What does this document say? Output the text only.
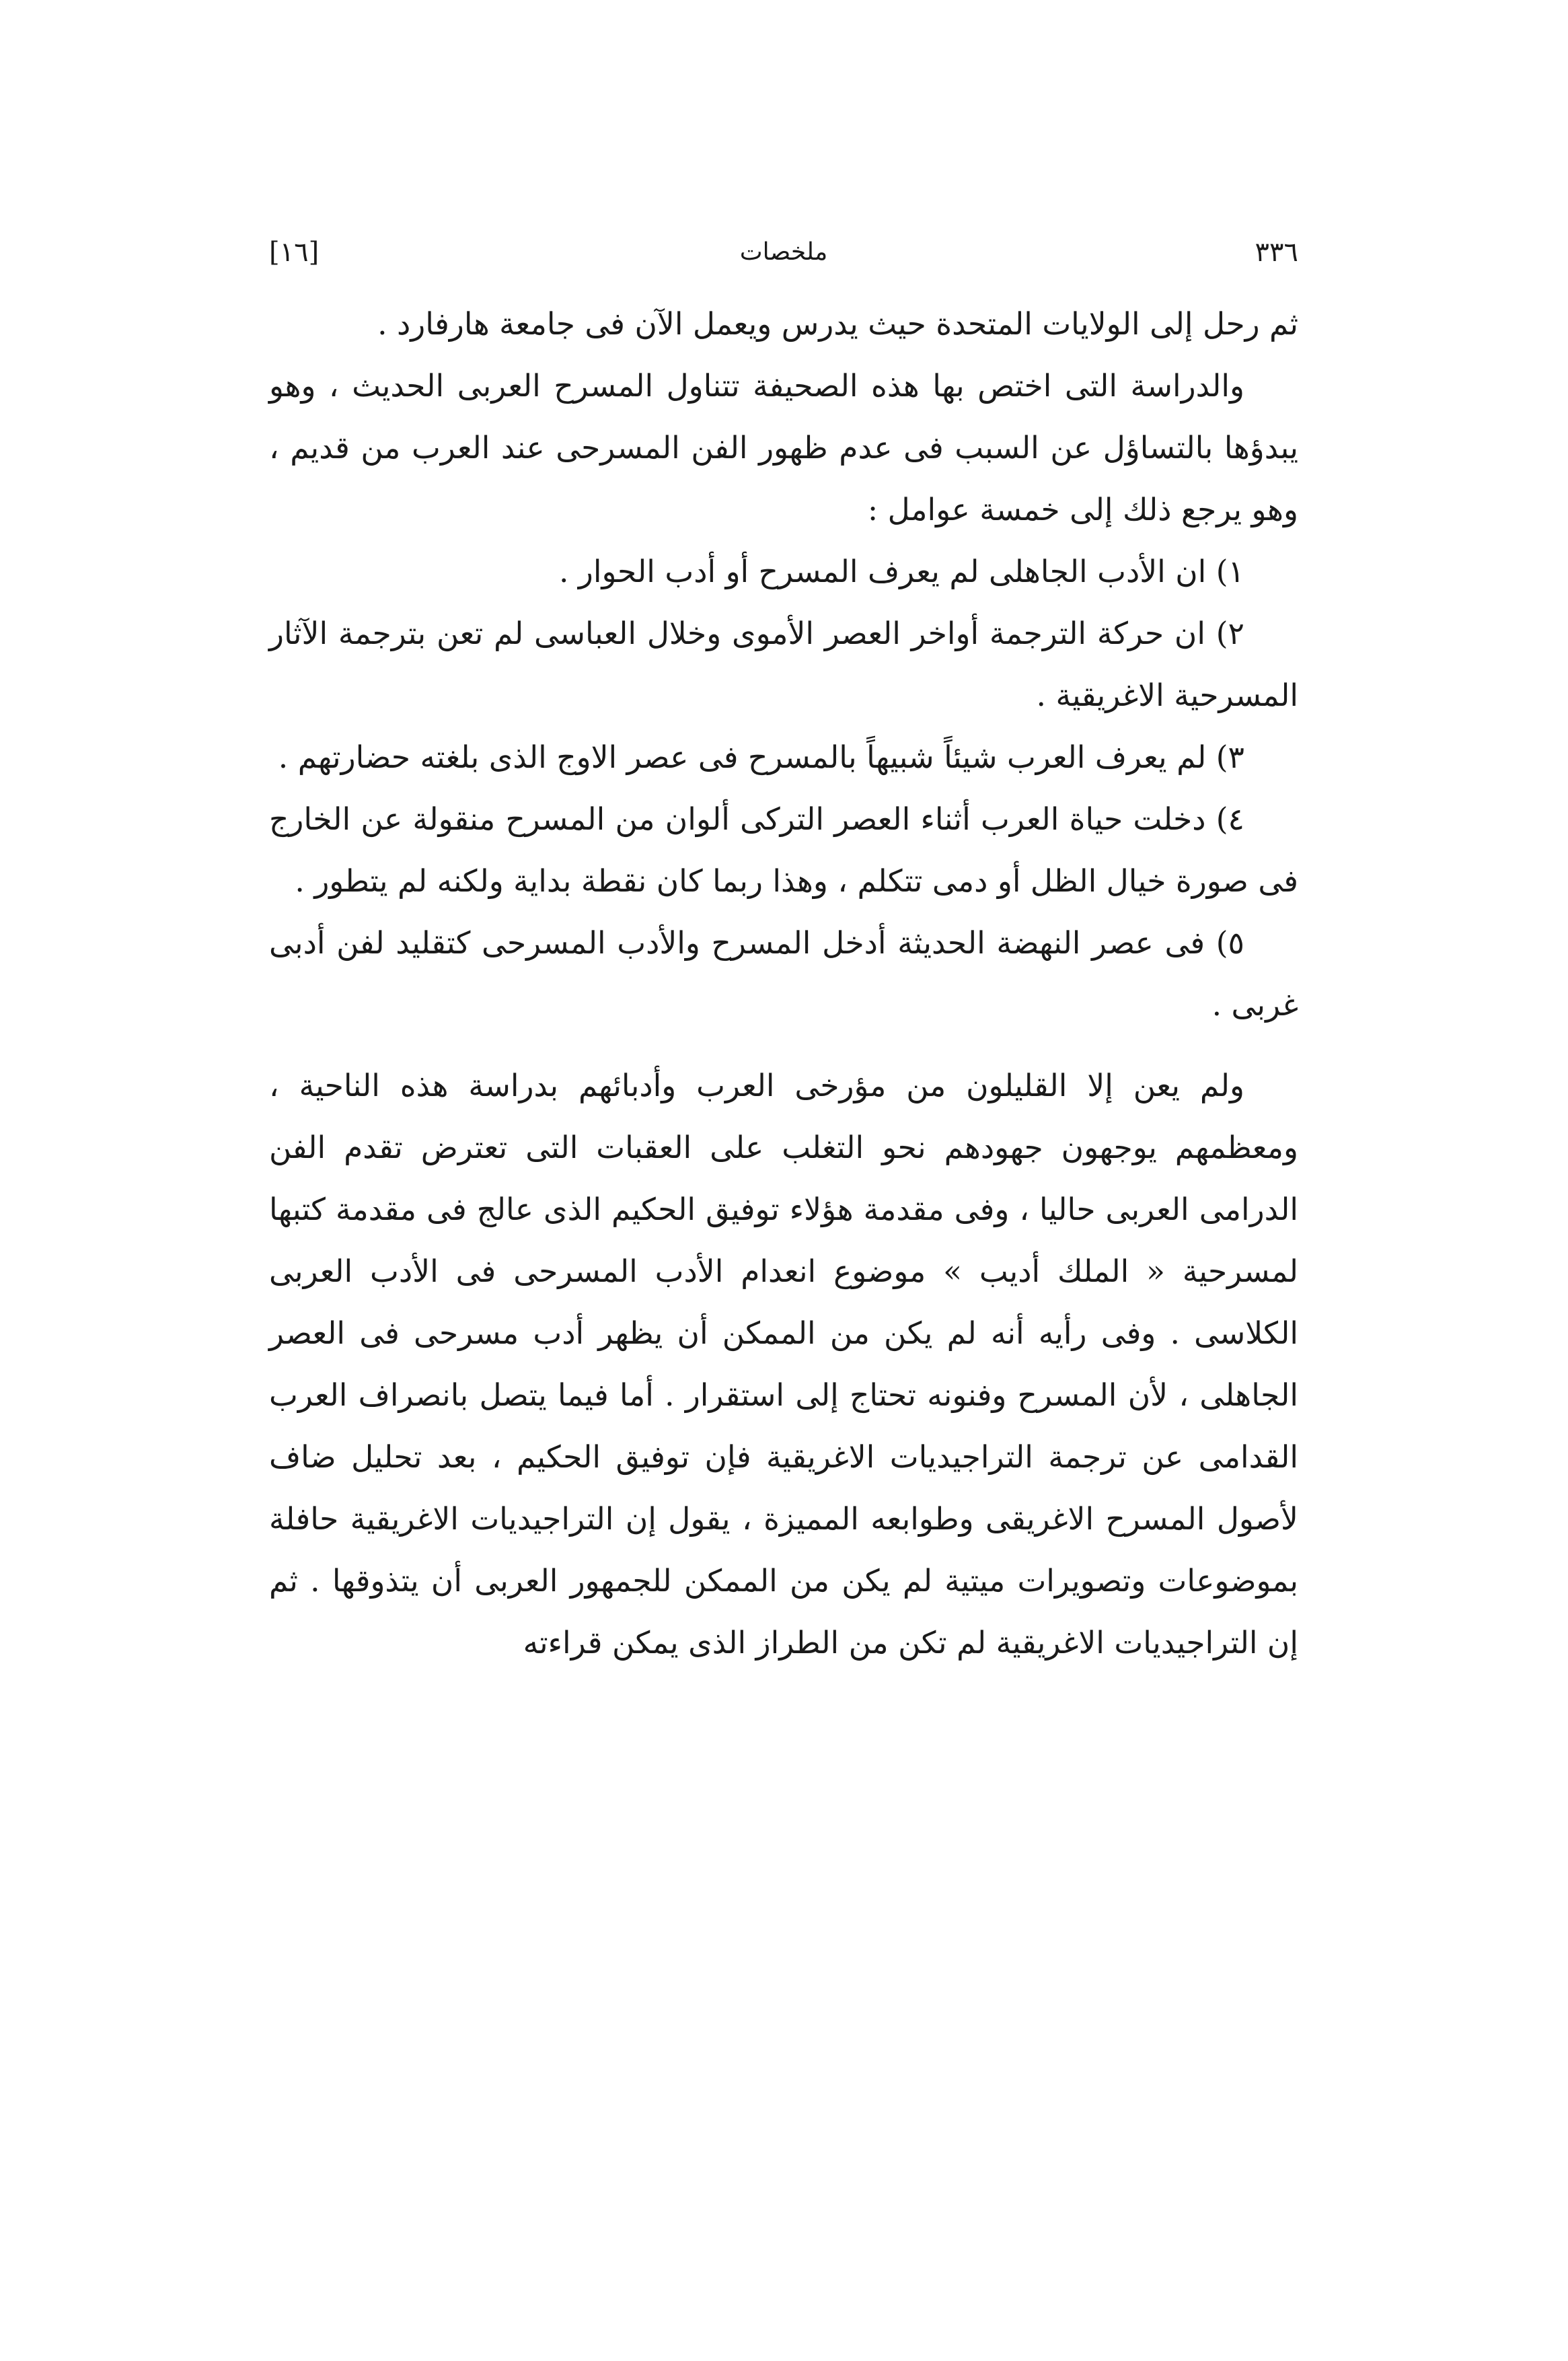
٣٣٦
ملخصات
[١٦]

ثم رحل إلى الولايات المتحدة حيث يدرس ويعمل الآن فى جامعة هارفارد .

والدراسة التى اختص بها هذه الصحيفة تتناول المسرح العربى الحديث ، وهو يبدؤها بالتساؤل عن السبب فى عدم ظهور الفن المسرحى عند العرب من قديم ، وهو يرجع ذلك إلى خمسة عوامل :

١) ان الأدب الجاهلى لم يعرف المسرح أو أدب الحوار .

٢) ان حركة الترجمة أواخر العصر الأموى وخلال العباسى لم تعن بترجمة الآثار المسرحية الاغريقية .

٣) لم يعرف العرب شيئاً شبيهاً بالمسرح فى عصر الاوج الذى بلغته حضارتهم .

٤) دخلت حياة العرب أثناء العصر التركى ألوان من المسرح منقولة عن الخارج فى صورة خيال الظل أو دمى تتكلم ، وهذا ربما كان نقطة بداية ولكنه لم يتطور .

٥) فى عصر النهضة الحديثة أدخل المسرح والأدب المسرحى كتقليد لفن أدبى غربى .

ولم يعن إلا القليلون من مؤرخى العرب وأدبائهم بدراسة هذه الناحية ، ومعظمهم يوجهون جهودهم نحو التغلب على العقبات التى تعترض تقدم الفن الدرامى العربى حاليا ، وفى مقدمة هؤلاء توفيق الحكيم الذى عالج فى مقدمة كتبها لمسرحية « الملك أديب » موضوع انعدام الأدب المسرحى فى الأدب العربى الكلاسى . وفى رأيه أنه لم يكن من الممكن أن يظهر أدب مسرحى فى العصر الجاهلى ، لأن المسرح وفنونه تحتاج إلى استقرار . أما فيما يتصل بانصراف العرب القدامى عن ترجمة التراجيديات الاغريقية فإن توفيق الحكيم ، بعد تحليل ضاف لأصول المسرح الاغريقى وطوابعه المميزة ، يقول إن التراجيديات الاغريقية حافلة بموضوعات وتصويرات ميتية لم يكن من الممكن للجمهور العربى أن يتذوقها . ثم إن التراجيديات الاغريقية لم تكن من الطراز الذى يمكن قراءته
